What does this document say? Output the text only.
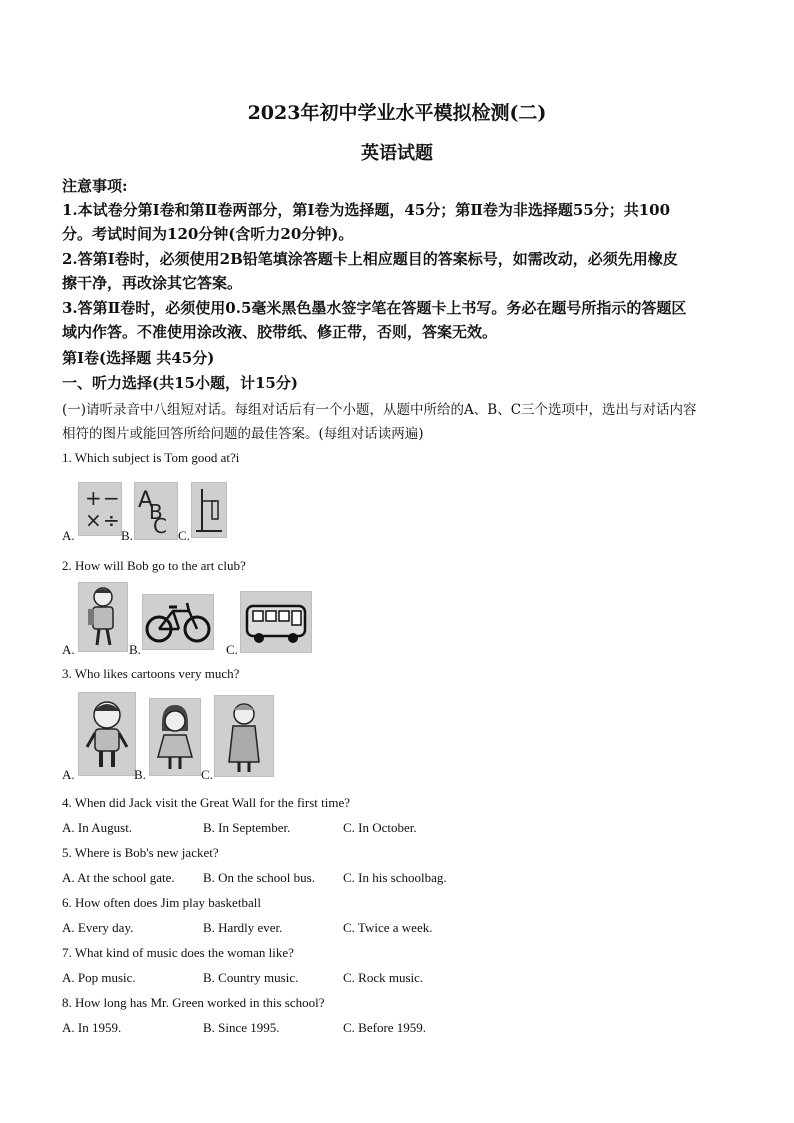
2023年初中学业水平模拟检测(二)
英语试题
注意事项:
1.本试卷分第Ⅰ卷和第Ⅱ卷两部分，第Ⅰ卷为选择题，45分；第Ⅱ卷为非选择题55分；共100
分。考试时间为120分钟(含听力20分钟)。
2.答第Ⅰ卷时，必须使用2B铅笔填涂答题卡上相应题目的答案标号，如需改动，必须先用橡皮
擦干净，再改涂其它答案。
3.答第Ⅱ卷时，必须使用0.5毫米黑色墨水签字笔在答题卡上书写。务必在题号所指示的答题区
域内作答。不准使用涂改液、胶带纸、修正带，否则，答案无效。
第Ⅰ卷(选择题 共45分)
一、听力选择(共15小题，计15分)
(一)请听录音中八组短对话。每组对话后有一个小题，从题中所给的A、B、C三个选项中，选出与对话内容
相符的图片或能回答所给问题的最佳答案。(每组对话读两遍)
1. Which subject is Tom good at?i
+ −
× ÷
A
B
C
A.	B.	C.
2. How will Bob go to the art club?
A.	B.	C.
3. Who likes cartoons very much?
A.	B.	C.
4. When did Jack visit the Great Wall for the first time?
A. In August.	B. In September.	C. In October.
5. Where is Bob's new jacket?
A. At the school gate. B. On the school bus. C. In his schoolbag.
6. How often does Jim play basketball
A. Every day.	B. Hardly ever.	C. Twice a week.
7. What kind of music does the woman like?
A. Pop music.	B. Country music.	C. Rock music.
8. How long has Mr. Green worked in this school?
A. In 1959.	B. Since 1995.	C. Before 1959.
